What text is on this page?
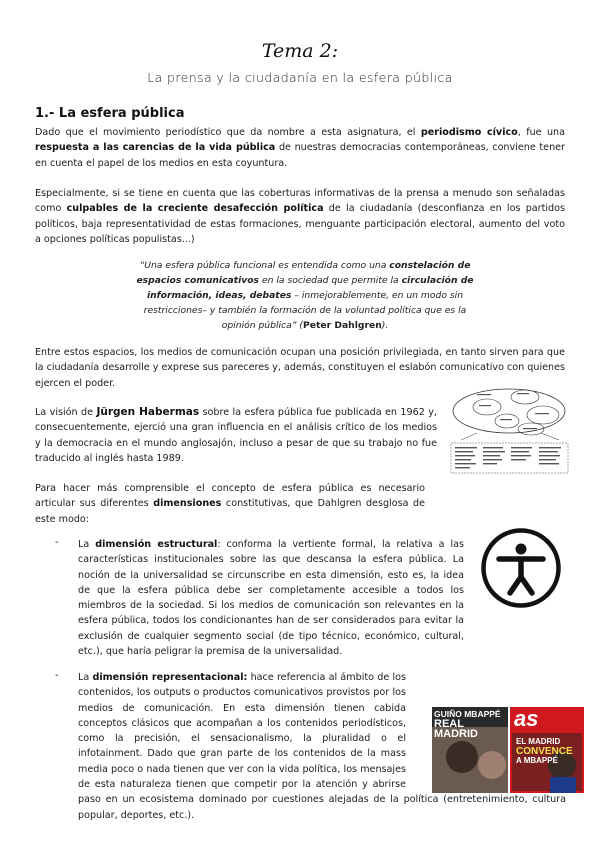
Tema 2:
La prensa y la ciudadanía en la esfera pública
1.- La esfera pública
Dado que el movimiento periodístico que da nombre a esta asignatura, el periodismo cívico, fue una respuesta a las carencias de la vida pública de nuestras democracias contemporáneas, conviene tener en cuenta el papel de los medios en esta coyuntura.
Especialmente, si se tiene en cuenta que las coberturas informativas de la prensa a menudo son señaladas como culpables de la creciente desafección política de la ciudadanía (desconfianza en los partidos políticos, baja representatividad de estas formaciones, menguante participación electoral, aumento del voto a opciones políticas populistas...)
“Una esfera pública funcional es entendida como una constelación de espacios comunicativos en la sociedad que permite la circulación de información, ideas, debates – inmejorablemente, en un modo sin restricciones– y también la formación de la voluntad política que es la opinión pública” (Peter Dahlgren).
Entre estos espacios, los medios de comunicación ocupan una posición privilegiada, en tanto sirven para que la ciudadanía desarrolle y exprese sus pareceres y, además, constituyen el eslabón comunicativo con quienes ejercen el poder.
La visión de Jürgen Habermas sobre la esfera pública fue publicada en 1962 y, consecuentemente, ejerció una gran influencia en el análisis crítico de los medios y la democracia en el mundo anglosajón, incluso a pesar de que su trabajo no fue traducido al inglés hasta 1989.
Para hacer más comprensible el concepto de esfera pública es necesario articular sus diferentes dimensiones constitutivas, que Dahlgren desglosa de este modo:
- La dimensión estructural: conforma la vertiente formal, la relativa a las características institucionales sobre las que descansa la esfera pública. La noción de la universalidad se circunscribe en esta dimensión, esto es, la idea de que la esfera pública debe ser completamente accesible a todos los miembros de la sociedad. Si los medios de comunicación son relevantes en la esfera pública, todos los condicionantes han de ser considerados para evitar la exclusión de cualquier segmento social (de tipo técnico, económico, cultural, etc.), que haría peligrar la premisa de la universalidad.
- La dimensión representacional: hace referencia al ámbito de los contenidos, los outputs o productos comunicativos provistos por los medios de comunicación. En esta dimensión tienen cabida conceptos clásicos que acompañan a los contenidos periodísticos, como la precisión, el sensacionalismo, la pluralidad o el infotainment. Dado que gran parte de los contenidos de la mass media poco o nada tienen que ver con la vida política, los mensajes de esta naturaleza tienen que competir por la atención y abrirse paso en un ecosistema dominado por cuestiones alejadas de la política (entretenimiento, cultura popular, deportes, etc.).
GUIÑO MBAPPÉ
REAL MADRID
as
EL MADRID
CONVENCE
A MBAPPÉ
